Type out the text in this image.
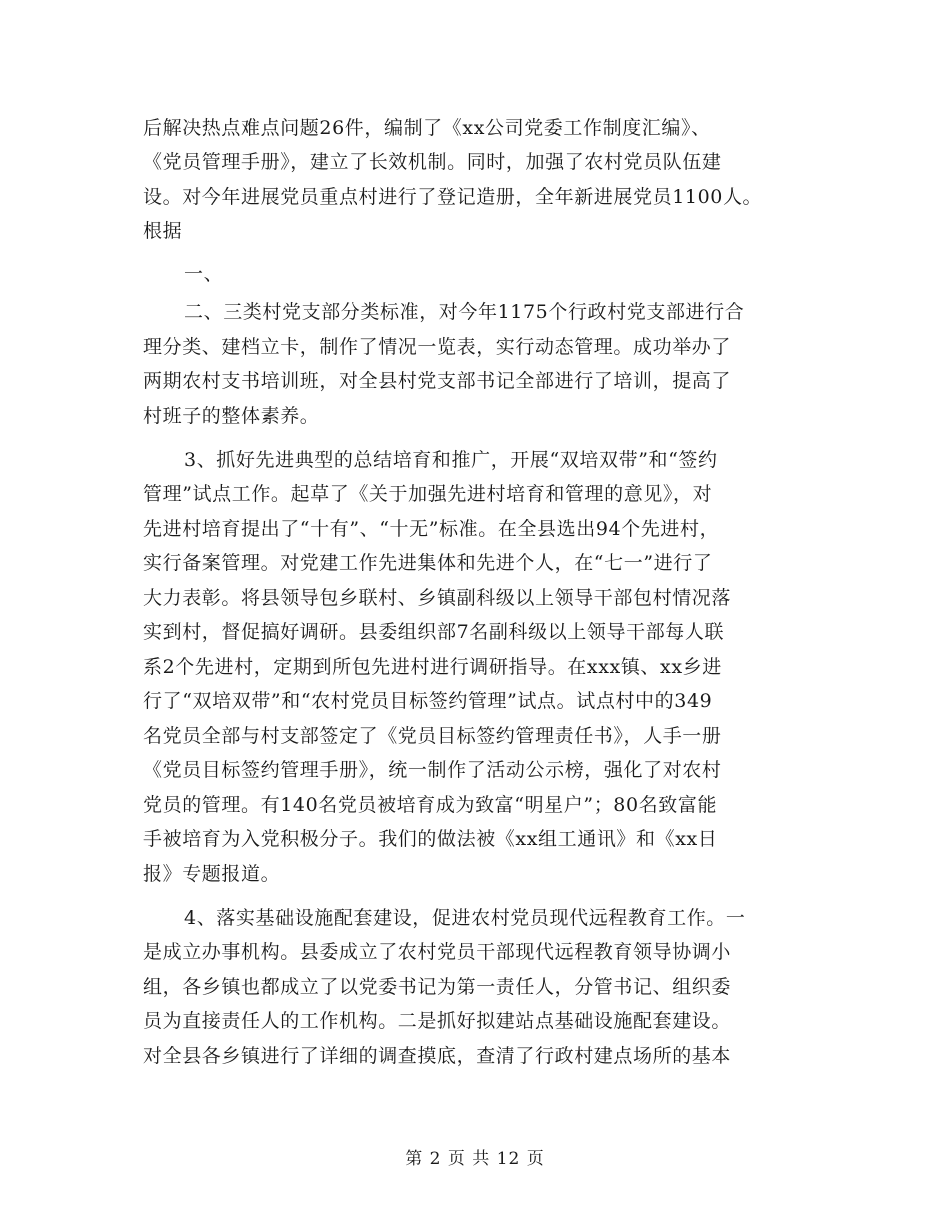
后解决热点难点问题26件，编制了《xx公司党委工作制度汇编》、
《党员管理手册》，建立了长效机制。同时，加强了农村党员队伍建
设。对今年进展党员重点村进行了登记造册，全年新进展党员1100人。
根据
一、
二、三类村党支部分类标准，对今年1175个行政村党支部进行合
理分类、建档立卡，制作了情况一览表，实行动态管理。成功举办了
两期农村支书培训班，对全县村党支部书记全部进行了培训，提高了
村班子的整体素养。
3、抓好先进典型的总结培育和推广，开展“双培双带”和“签约
管理”试点工作。起草了《关于加强先进村培育和管理的意见》，对
先进村培育提出了“十有”、“十无”标准。在全县选出94个先进村，
实行备案管理。对党建工作先进集体和先进个人，在“七一”进行了
大力表彰。将县领导包乡联村、乡镇副科级以上领导干部包村情况落
实到村，督促搞好调研。县委组织部7名副科级以上领导干部每人联
系2个先进村，定期到所包先进村进行调研指导。在xxx镇、xx乡进
行了“双培双带”和“农村党员目标签约管理”试点。试点村中的349
名党员全部与村支部签定了《党员目标签约管理责任书》，人手一册
《党员目标签约管理手册》，统一制作了活动公示榜，强化了对农村
党员的管理。有140名党员被培育成为致富“明星户”；80名致富能
手被培育为入党积极分子。我们的做法被《xx组工通讯》和《xx日
报》专题报道。
4、落实基础设施配套建设，促进农村党员现代远程教育工作。一
是成立办事机构。县委成立了农村党员干部现代远程教育领导协调小
组，各乡镇也都成立了以党委书记为第一责任人，分管书记、组织委
员为直接责任人的工作机构。二是抓好拟建站点基础设施配套建设。
对全县各乡镇进行了详细的调查摸底，查清了行政村建点场所的基本
第 2 页 共 12 页
